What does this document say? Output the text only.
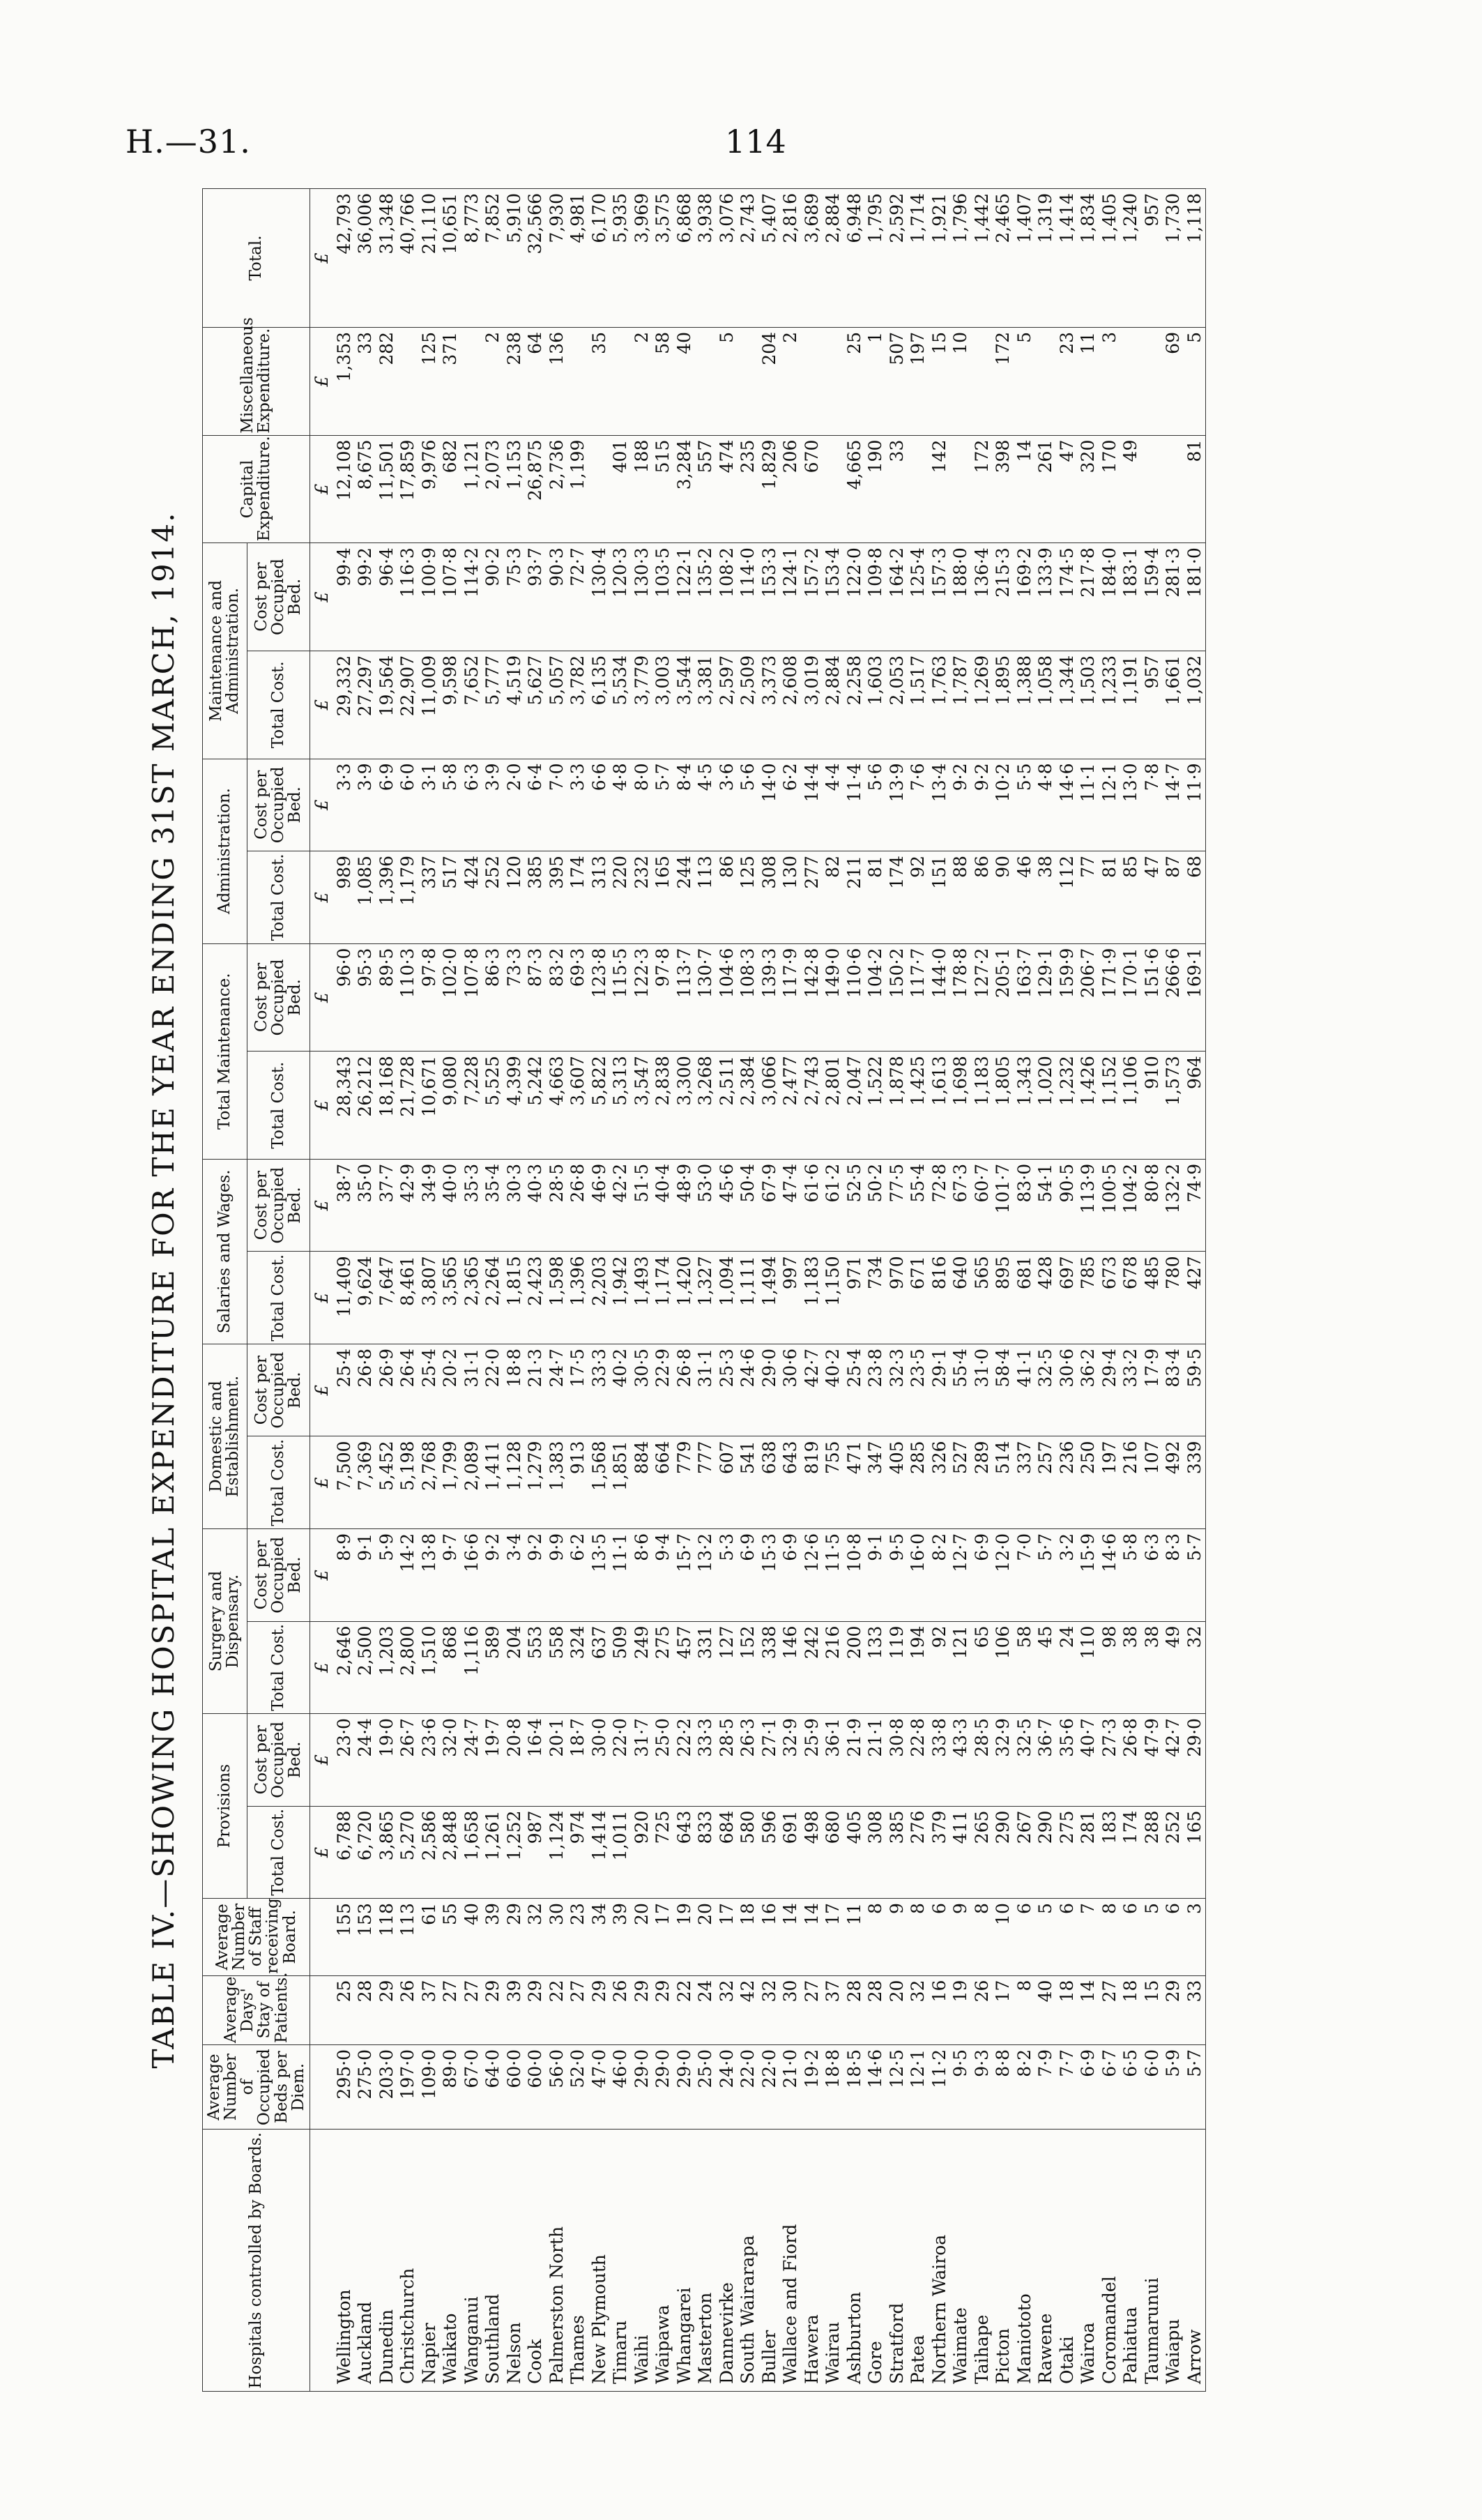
H.—31.	114
TABLE IV.—SHOWING HOSPITAL EXPENDITURE FOR THE YEAR ENDING 31ST MARCH, 1914.
Hospitals controlled by Boards.	Average Number of Occupied Beds per Diem.	Average Days' Stay of Patients.	Average Number of Staff receiving Board.	Provisions		Surgery and Dispensary.		Domestic and Establishment.		Salaries and Wages.		Total Maintenance.		Administration.		Maintenance and Administration.		Capital Expenditure.	Miscellaneous Expenditure.	Total.
				Total Cost.	Cost per Occupied Bed.	Total Cost.	Cost per Occupied Bed.	Total Cost.	Cost per Occupied Bed.	Total Cost.	Cost per Occupied Bed.	Total Cost.	Cost per Occupied Bed.	Total Cost.	Cost per Occupied Bed.	Total Cost.	Cost per Occupied Bed.			
				£	£	£	£	£	£	£	£	£	£	£	£	£	£	£	£	£
Wellington	295·0	25	155	6,788	23·0	2,646	8·9	7,500	25·4	11,409	38·7	28,343	96·0	989	3·3	29,332	99·4	12,108	1,353	42,793
Auckland	275·0	28	153	6,720	24·4	2,500	9·1	7,369	26·8	9,624	35·0	26,212	95·3	1,085	3·9	27,297	99·2	8,675	33	36,006
Dunedin	203·0	29	118	3,865	19·0	1,203	5·9	5,452	26·9	7,647	37·7	18,168	89·5	1,396	6·9	19,564	96·4	11,501	282	31,348
Christchurch	197·0	26	113	5,270	26·7	2,800	14·2	5,198	26·4	8,461	42·9	21,728	110·3	1,179	6·0	22,907	116·3	17,859		40,766
Napier	109·0	37	61	2,586	23·6	1,510	13·8	2,768	25·4	3,807	34·9	10,671	97·8	337	3·1	11,009	100·9	9,976	125	21,110
Waikato	89·0	27	55	2,848	32·0	868	9·7	1,799	20·2	3,565	40·0	9,080	102·0	517	5·8	9,598	107·8	682	371	10,651
Wanganui	67·0	27	40	1,658	24·7	1,116	16·6	2,089	31·1	2,365	35·3	7,228	107·8	424	6·3	7,652	114·2	1,121		8,773
Southland	64·0	29	39	1,261	19·7	589	9·2	1,411	22·0	2,264	35·4	5,525	86·3	252	3·9	5,777	90·2	2,073	2	7,852
Nelson	60·0	39	29	1,252	20·8	204	3·4	1,128	18·8	1,815	30·3	4,399	73·3	120	2·0	4,519	75·3	1,153	238	5,910
Cook	60·0	29	32	987	16·4	553	9·2	1,279	21·3	2,423	40·3	5,242	87·3	385	6·4	5,627	93·7	26,875	64	32,566
Palmerston North	56·0	22	30	1,124	20·1	558	9·9	1,383	24·7	1,598	28·5	4,663	83·2	395	7·0	5,057	90·3	2,736	136	7,930
Thames	52·0	27	23	974	18·7	324	6·2	913	17·5	1,396	26·8	3,607	69·3	174	3·3	3,782	72·7	1,199		4,981
New Plymouth	47·0	29	34	1,414	30·0	637	13·5	1,568	33·3	2,203	46·9	5,822	123·8	313	6·6	6,135	130·4		35	6,170
Timaru	46·0	26	39	1,011	22·0	509	11·1	1,851	40·2	1,942	42·2	5,313	115·5	220	4·8	5,534	120·3	401		5,935
Waihi	29·0	29	20	920	31·7	249	8·6	884	30·5	1,493	51·5	3,547	122·3	232	8·0	3,779	130·3	188	2	3,969
Waipawa	29·0	29	17	725	25·0	275	9·4	664	22·9	1,174	40·4	2,838	97·8	165	5·7	3,003	103·5	515	58	3,575
Whangarei	29·0	22	19	643	22·2	457	15·7	779	26·8	1,420	48·9	3,300	113·7	244	8·4	3,544	122·1	3,284	40	6,868
Masterton	25·0	24	20	833	33·3	331	13·2	777	31·1	1,327	53·0	3,268	130·7	113	4·5	3,381	135·2	557		3,938
Dannevirke	24·0	32	17	684	28·5	127	5·3	607	25·3	1,094	45·6	2,511	104·6	86	3·6	2,597	108·2	474	5	3,076
South Wairarapa	22·0	42	18	580	26·3	152	6·9	541	24·6	1,111	50·4	2,384	108·3	125	5·6	2,509	114·0	235		2,743
Buller	22·0	32	16	596	27·1	338	15·3	638	29·0	1,494	67·9	3,066	139·3	308	14·0	3,373	153·3	1,829	204	5,407
Wallace and Fiord	21·0	30	14	691	32·9	146	6·9	643	30·6	997	47·4	2,477	117·9	130	6·2	2,608	124·1	206	2	2,816
Hawera	19·2	27	14	498	25·9	242	12·6	819	42·7	1,183	61·6	2,743	142·8	277	14·4	3,019	157·2	670		3,689
Wairau	18·8	37	17	680	36·1	216	11·5	755	40·2	1,150	61·2	2,801	149·0	82	4·4	2,884	153·4			2,884
Ashburton	18·5	28	11	405	21·9	200	10·8	471	25·4	971	52·5	2,047	110·6	211	11·4	2,258	122·0	4,665	25	6,948
Gore	14·6	28	8	308	21·1	133	9·1	347	23·8	734	50·2	1,522	104·2	81	5·6	1,603	109·8	190	1	1,795
Stratford	12·5	20	9	385	30·8	119	9·5	405	32·3	970	77·5	1,878	150·2	174	13·9	2,053	164·2	33	507	2,592
Patea	12·1	32	8	276	22·8	194	16·0	285	23·5	671	55·4	1,425	117·7	92	7·6	1,517	125·4		197	1,714
Northern Wairoa	11·2	16	6	379	33·8	92	8·2	326	29·1	816	72·8	1,613	144·0	151	13·4	1,763	157·3	142	15	1,921
Waimate	9·5	19	9	411	43·3	121	12·7	527	55·4	640	67·3	1,698	178·8	88	9·2	1,787	188·0		10	1,796
Taihape	9·3	26	8	265	28·5	65	6·9	289	31·0	565	60·7	1,183	127·2	86	9·2	1,269	136·4	172		1,442
Picton	8·8	17	10	290	32·9	106	12·0	514	58·4	895	101·7	1,805	205·1	90	10·2	1,895	215·3	398	172	2,465
Maniototo	8·2	8	6	267	32·5	58	7·0	337	41·1	681	83·0	1,343	163·7	46	5·5	1,388	169·2	14	5	1,407
Rawene	7·9	40	5	290	36·7	45	5·7	257	32·5	428	54·1	1,020	129·1	38	4·8	1,058	133·9	261		1,319
Otaki	7·7	18	6	275	35·6	24	3·2	236	30·6	697	90·5	1,232	159·9	112	14·6	1,344	174·5	47	23	1,414
Wairoa	6·9	14	7	281	40·7	110	15·9	250	36·2	785	113·9	1,426	206·7	77	11·1	1,503	217·8	320	11	1,834
Coromandel	6·7	27	8	183	27·3	98	14·6	197	29·4	673	100·5	1,152	171·9	81	12·1	1,233	184·0	170	3	1,405
Pahiatua	6·5	18	6	174	26·8	38	5·8	216	33·2	678	104·2	1,106	170·1	85	13·0	1,191	183·1	49		1,240
Taumarunui	6·0	15	5	288	47·9	38	6·3	107	17·9	485	80·8	910	151·6	47	7·8	957	159·4			957
Waiapu	5·9	29	6	252	42·7	49	8·3	492	83·4	780	132·2	1,573	266·6	87	14·7	1,661	281·3		69	1,730
Arrow	5·7	33	3	165	29·0	32	5·7	339	59·5	427	74·9	964	169·1	68	11·9	1,032	181·0	81	5	1,118
